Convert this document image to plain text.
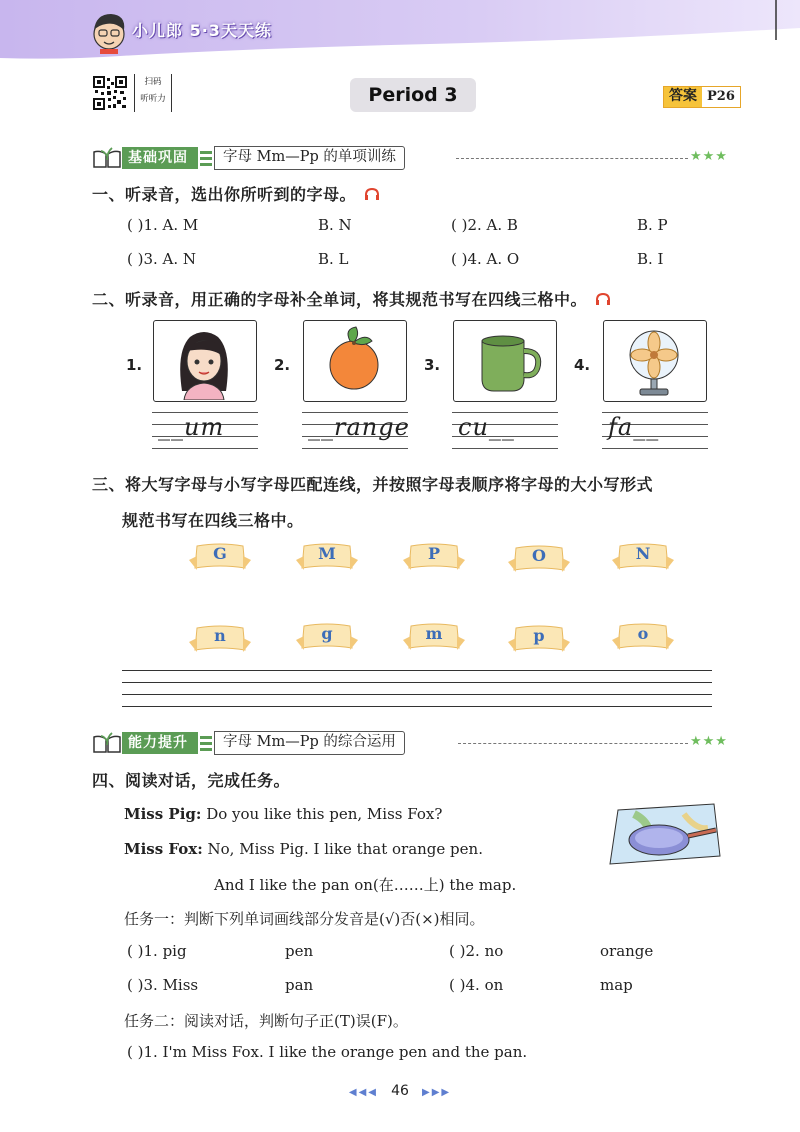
小儿郎 5·3天天练
扫码
听听力	Period 3	答案 P26
基础巩固	字母 Mm—Pp 的单项训练	★★★
一、听录音，选出你所听到的字母。
( )1. A. M	B. N	( )2. A. B	B. P
( )3. A. N	B. L	( )4. A. O	B. I
二、听录音，用正确的字母补全单词，将其规范书写在四线三格中。
1.
__um
2.
__range
3.
cu__
4.
fa__
三、将大写字母与小写字母匹配连线，并按照字母表顺序将字母的大小写形式
规范书写在四线三格中。
G	M	P	O	N
n	g	m	p	o
能力提升	字母 Mm—Pp 的综合运用	★★★
四、阅读对话，完成任务。
Miss Pig: Do you like this pen, Miss Fox?
Miss Fox: No, Miss Pig. I like that orange pen.
And I like the pan on(在……上) the map.
任务一：判断下列单词画线部分发音是(√)否(×)相同。
( )1. pig	pen	( )2. no	orange
( )3. Miss	pan	( )4. on	map
任务二：阅读对话，判断句子正(T)误(F)。
( )1. I'm Miss Fox. I like the orange pen and the pan.
◀◀◀ 46 ▶▶▶
